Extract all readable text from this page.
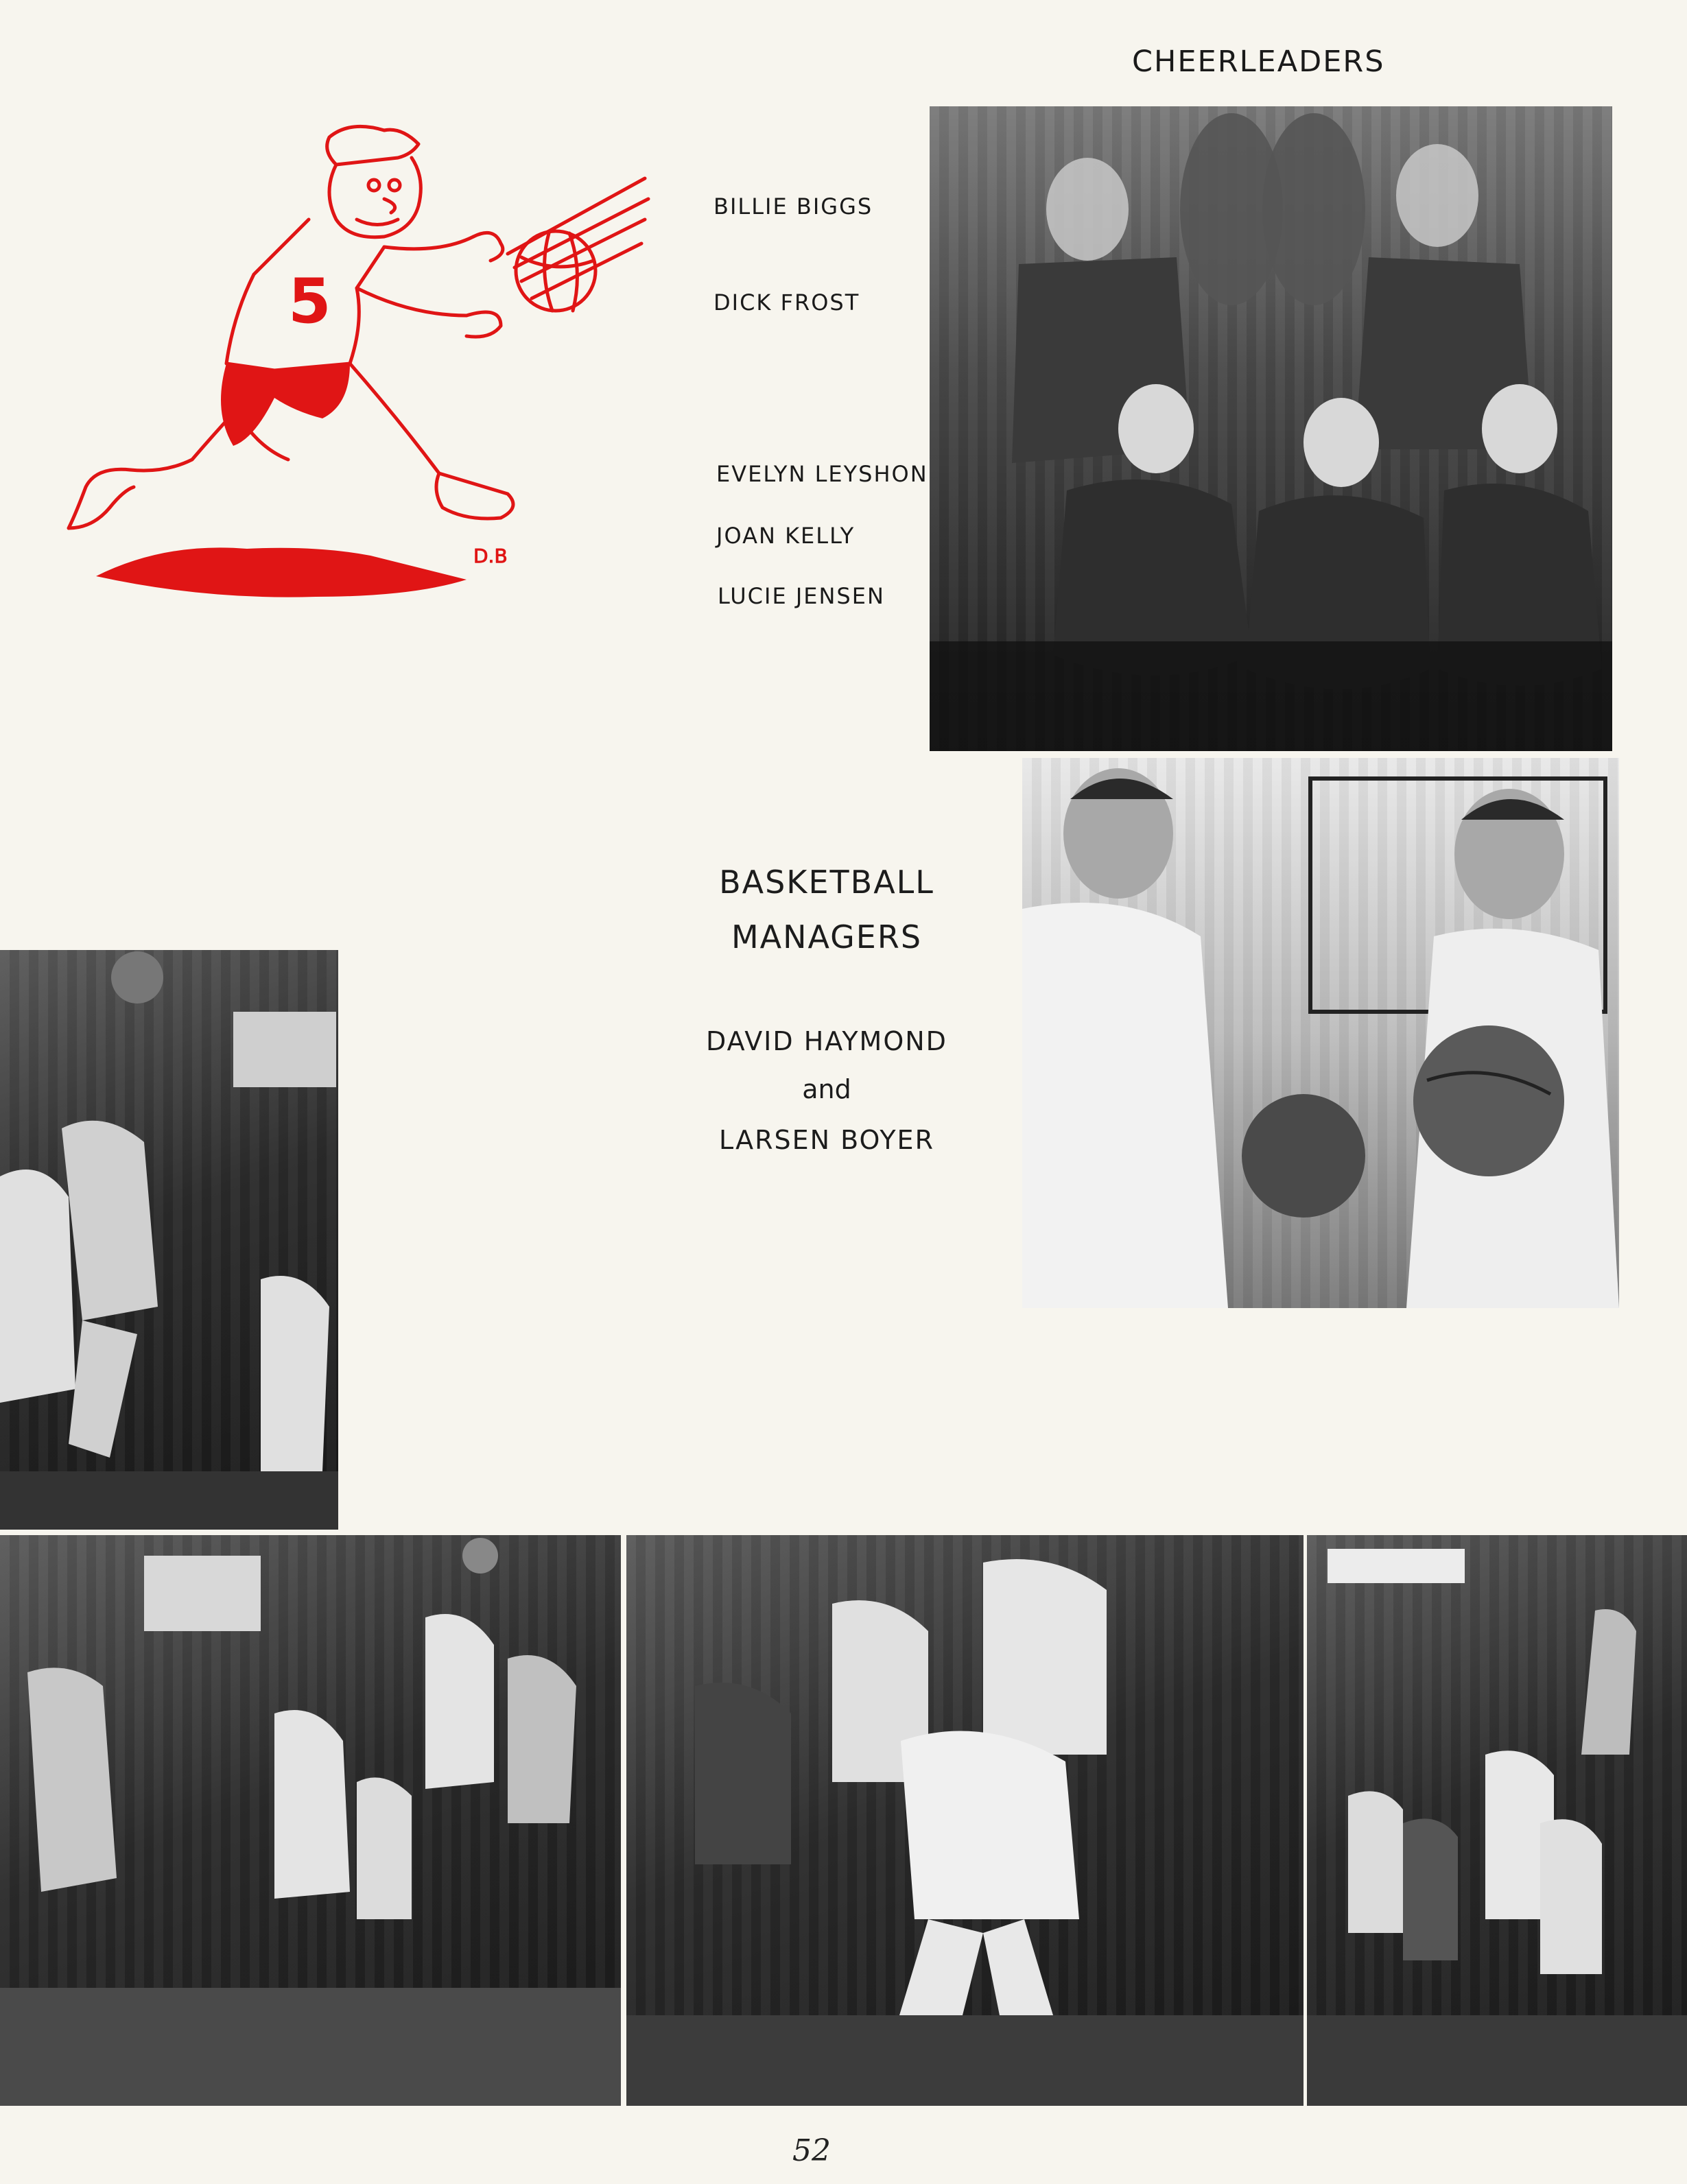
D.B
5
CHEERLEADERS
BILLIE BIGGS
DICK FROST
EVELYN LEYSHON
JOAN KELLY
LUCIE JENSEN
BASKETBALL
MANAGERS
DAVID HAYMOND
and
LARSEN BOYER
52
